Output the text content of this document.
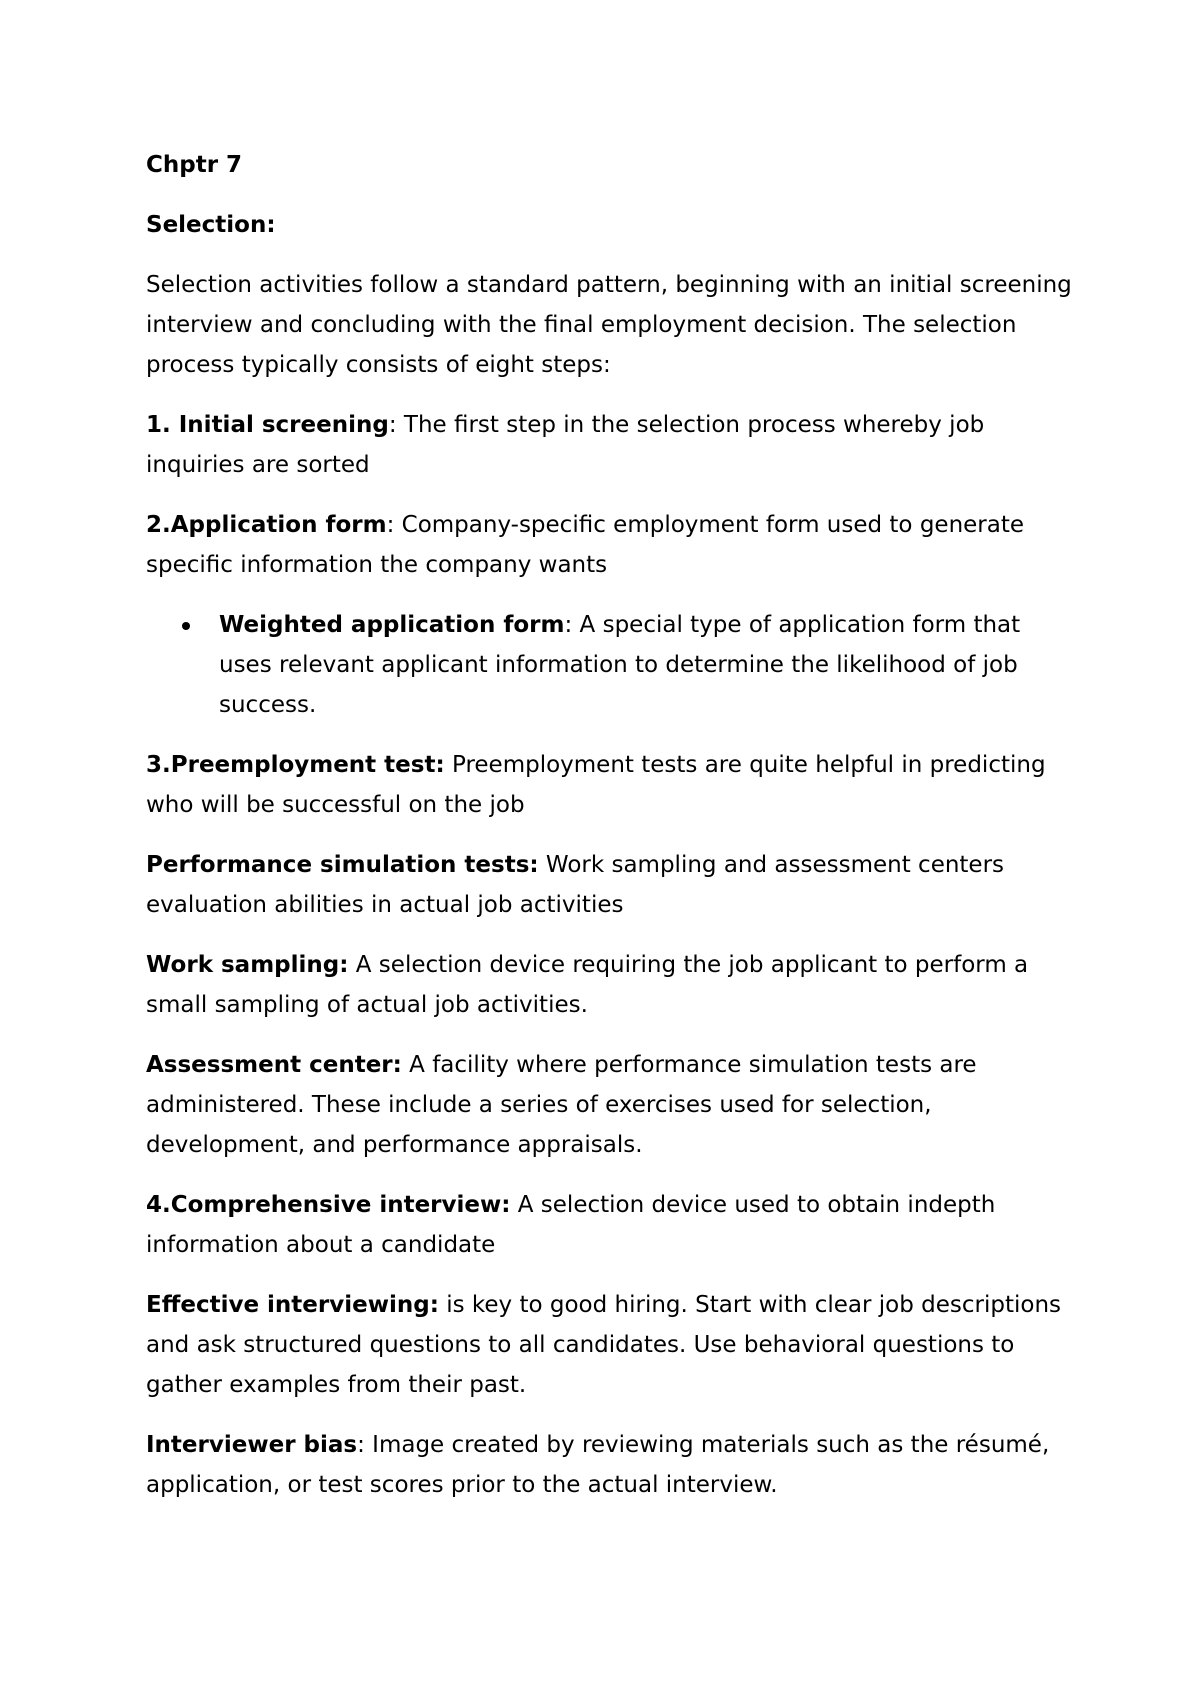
Chptr 7

Selection:

Selection activities follow a standard pattern, beginning with an initial screening interview and concluding with the final employment decision. The selection process typically consists of eight steps:

1. Initial screening: The first step in the selection process whereby job inquiries are sorted

2.Application form: Company-specific employment form used to generate specific information the company wants

Weighted application form: A special type of application form that uses relevant applicant information to determine the likelihood of job success.

3.Preemployment test: Preemployment tests are quite helpful in predicting who will be successful on the job

Performance simulation tests: Work sampling and assessment centers evaluation abilities in actual job activities

Work sampling: A selection device requiring the job applicant to perform a small sampling of actual job activities.

Assessment center: A facility where performance simulation tests are administered. These include a series of exercises used for selection, development, and performance appraisals.

4.Comprehensive interview: A selection device used to obtain indepth information about a candidate

Effective interviewing: is key to good hiring. Start with clear job descriptions and ask structured questions to all candidates. Use behavioral questions to gather examples from their past.

Interviewer bias: Image created by reviewing materials such as the résumé, application, or test scores prior to the actual interview.
